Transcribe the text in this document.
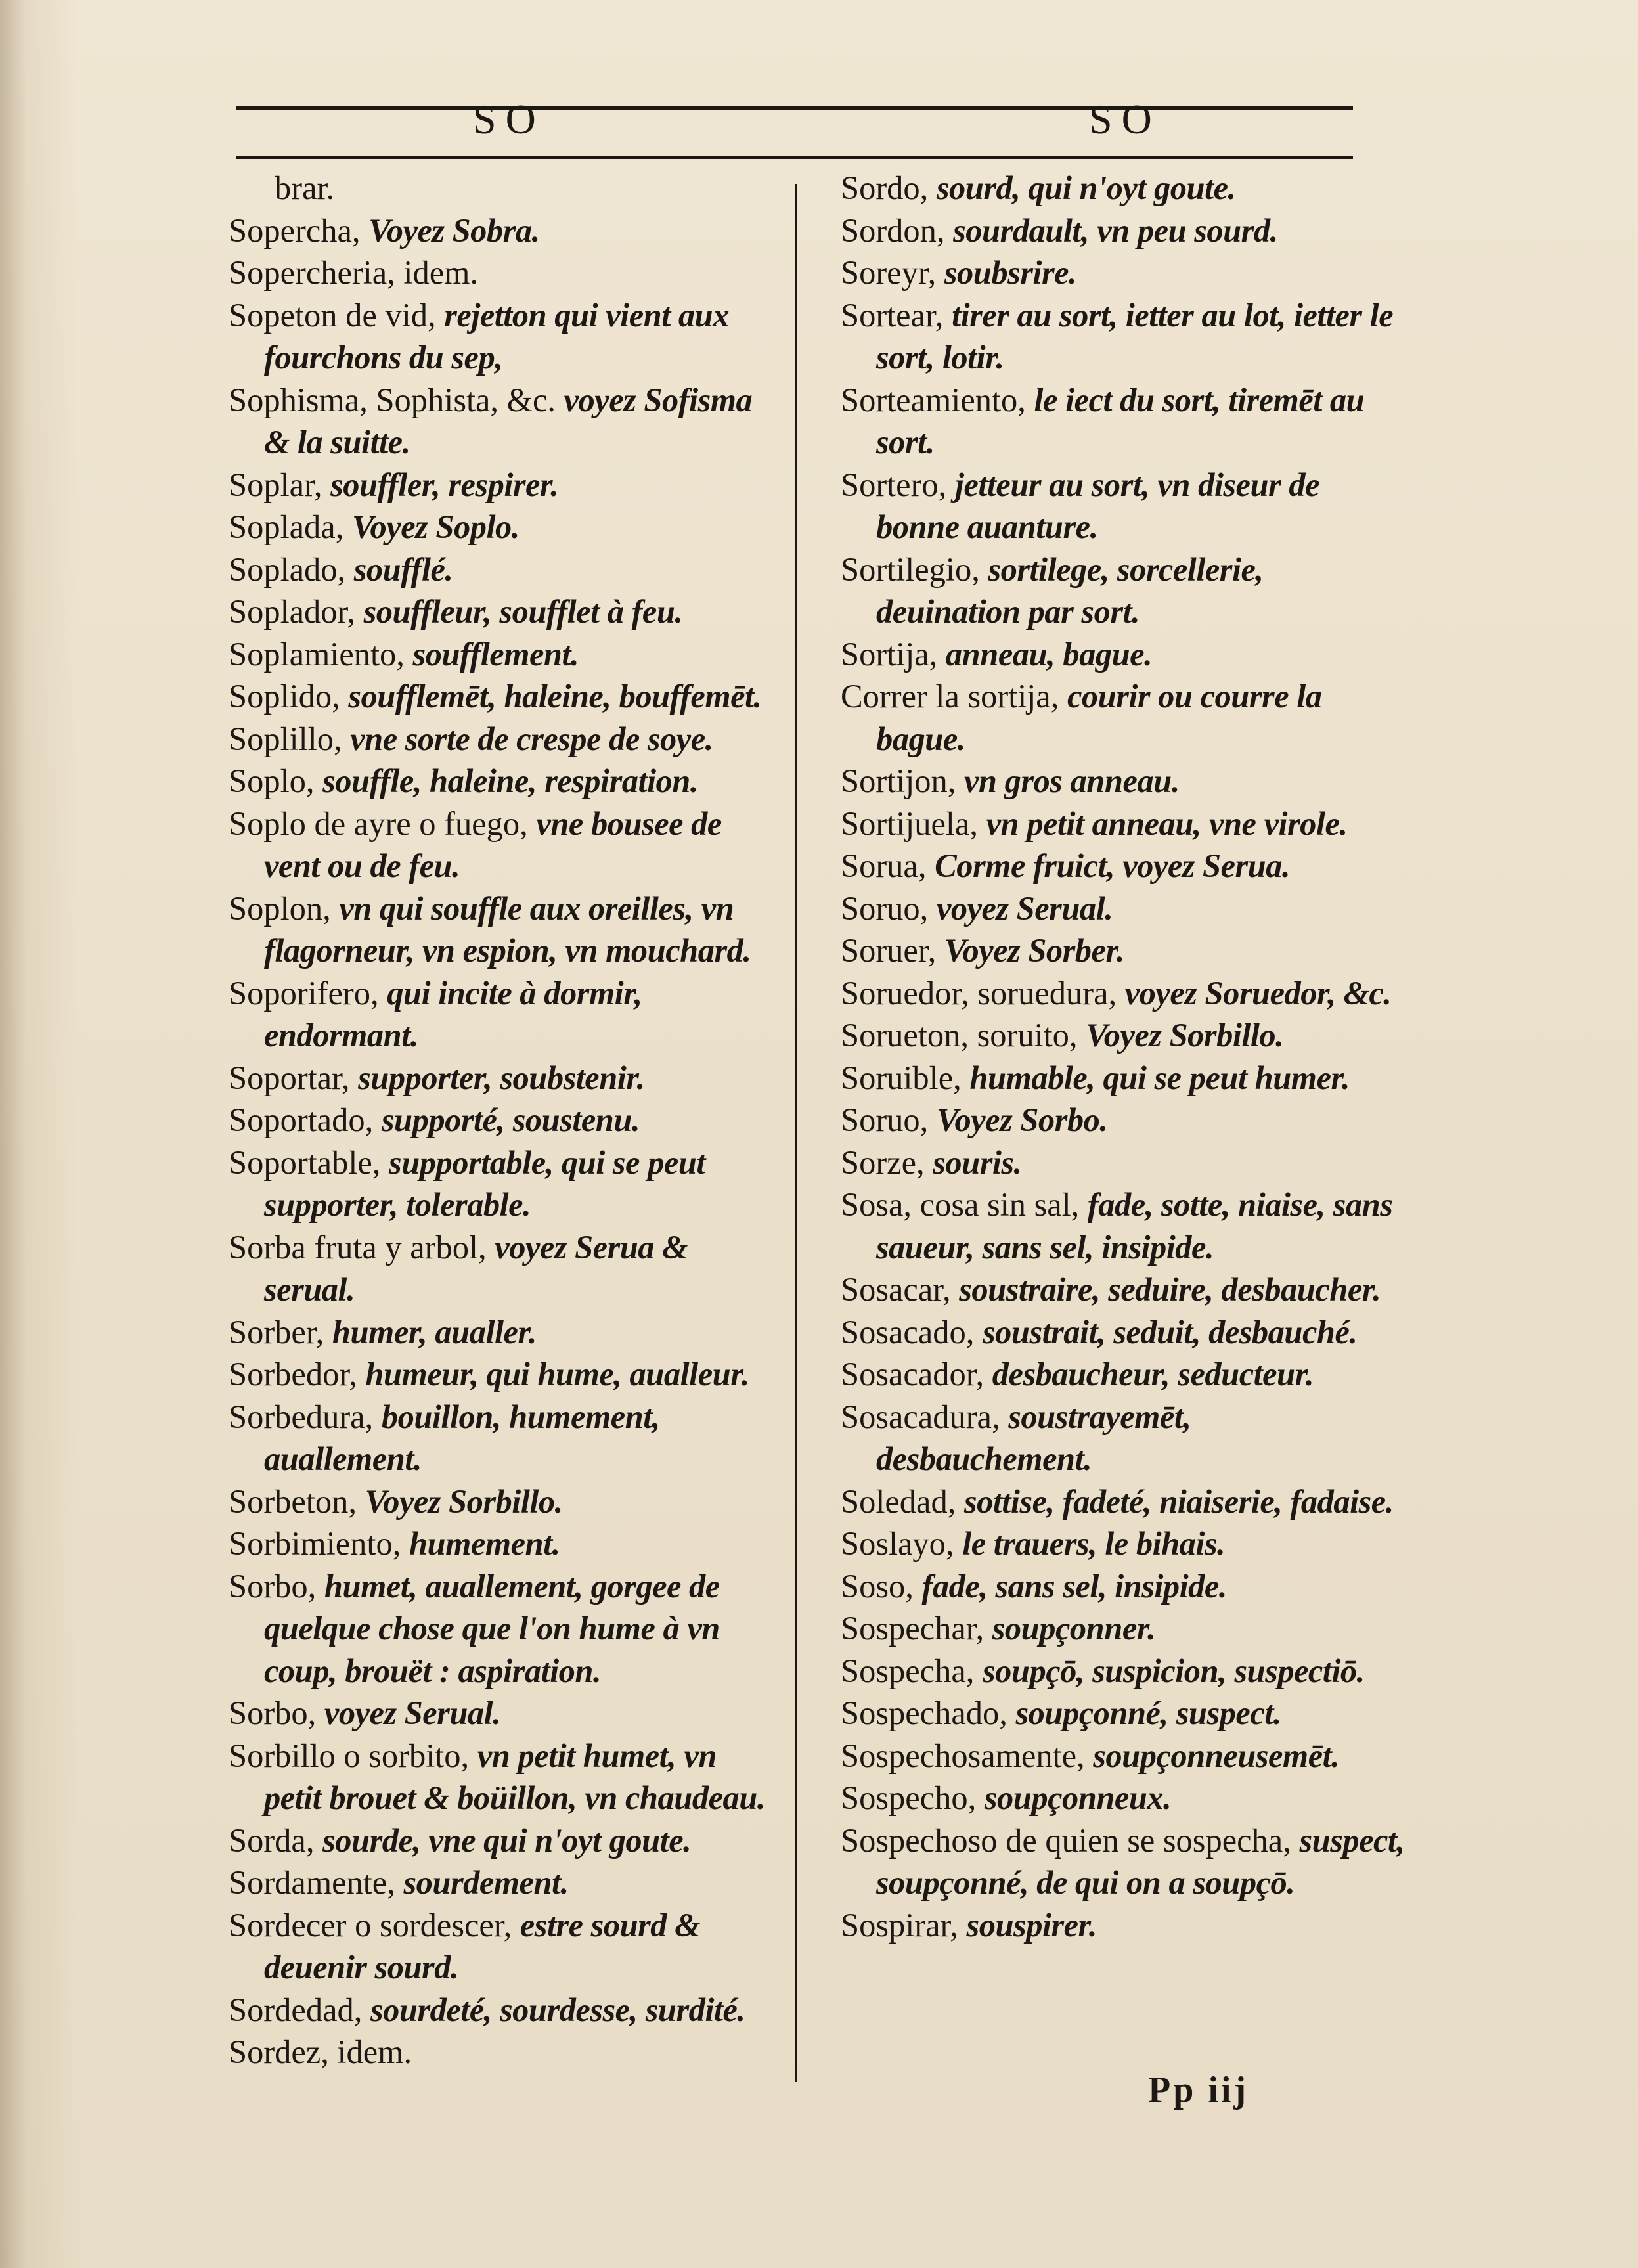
SO	SO
brar.
Sopercha, Voyez Sobra.
Sopercheria, idem.
Sopeton de vid, rejetton qui vient aux fourchons du sep,
Sophisma, Sophista, &c. voyez Sofisma & la suitte.
Soplar, souffler, respirer.
Soplada, Voyez Soplo.
Soplado, soufflé.
Soplador, souffleur, soufflet à feu.
Soplamiento, soufflement.
Soplido, soufflemēt, haleine, bouffemēt.
Soplillo, vne sorte de crespe de soye.
Soplo, souffle, haleine, respiration.
Soplo de ayre o fuego, vne bousee de vent ou de feu.
Soplon, vn qui souffle aux oreilles, vn flagorneur, vn espion, vn mouchard.
Soporifero, qui incite à dormir, endormant.
Soportar, supporter, soubstenir.
Soportado, supporté, soustenu.
Soportable, supportable, qui se peut supporter, tolerable.
Sorba fruta y arbol, voyez Serua & serual.
Sorber, humer, aualler.
Sorbedor, humeur, qui hume, aualleur.
Sorbedura, bouillon, humement, auallement.
Sorbeton, Voyez Sorbillo.
Sorbimiento, humement.
Sorbo, humet, auallement, gorgee de quelque chose que l'on hume à vn coup, brouët : aspiration.
Sorbo, voyez Serual.
Sorbillo o sorbito, vn petit humet, vn petit brouet & boüillon, vn chaudeau.
Sorda, sourde, vne qui n'oyt goute.
Sordamente, sourdement.
Sordecer o sordescer, estre sourd & deuenir sourd.
Sordedad, sourdeté, sourdesse, surdité.
Sordez, idem.
Sordo, sourd, qui n'oyt goute.
Sordon, sourdault, vn peu sourd.
Soreyr, soubsrire.
Sortear, tirer au sort, ietter au lot, ietter le sort, lotir.
Sorteamiento, le iect du sort, tiremēt au sort.
Sortero, jetteur au sort, vn diseur de bonne auanture.
Sortilegio, sortilege, sorcellerie, deuination par sort.
Sortija, anneau, bague.
Correr la sortija, courir ou courre la bague.
Sortijon, vn gros anneau.
Sortijuela, vn petit anneau, vne virole.
Sorua, Corme fruict, voyez Serua.
Soruo, voyez Serual.
Soruer, Voyez Sorber.
Soruedor, soruedura, voyez Soruedor, &c.
Sorueton, soruito, Voyez Sorbillo.
Soruible, humable, qui se peut humer.
Soruo, Voyez Sorbo.
Sorze, souris.
Sosa, cosa sin sal, fade, sotte, niaise, sans saueur, sans sel, insipide.
Sosacar, soustraire, seduire, desbaucher.
Sosacado, soustrait, seduit, desbauché.
Sosacador, desbaucheur, seducteur.
Sosacadura, soustrayemēt, desbauchement.
Soledad, sottise, fadeté, niaiserie, fadaise.
Soslayo, le trauers, le bihais.
Soso, fade, sans sel, insipide.
Sospechar, soupçonner.
Sospecha, soupçō, suspicion, suspectiō.
Sospechado, soupçonné, suspect.
Sospechosamente, soupçonneusemēt.
Sospecho, soupçonneux.
Sospechoso de quien se sospecha, suspect, soupçonné, de qui on a soupçō.
Sospirar, souspirer.
Pp iij
